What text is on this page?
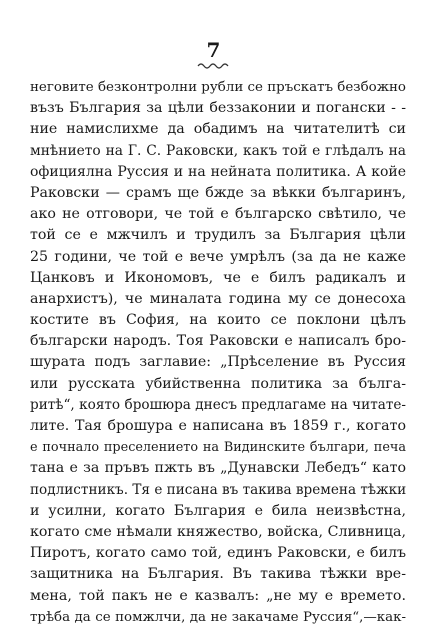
7
неговите безконтролни рубли се пръскатъ безбожно
възъ България за цѣли беззаконии и погански - -
ние намислихме да обадимъ на читателитѣ си
мнѣнието на Г. С. Раковски, какъ той е глѣдалъ на
официялна Руссия и на нейната политика. А койе
Раковски — срамъ ще бжде за вѣкки българинъ,
ако не отговори, че той е българско свѣтило, че
той се е мжчилъ и трудилъ за България цѣли
25 години, че той е вече умрѣлъ (за да не каже
Цанковъ и Икономовъ, че е билъ радикалъ и
анархистъ), че миналата година му се донесоха
костите въ София, на които се поклони цѣлъ
български народъ. Тоя Раковски е написалъ бро-
шурата подъ заглавие: „Прѣселение въ Руссия
или русската убийственна политика за бълга-
ритѣ“, която брошюра днесъ предлагаме на читате-
лите. Тая брошура е написана въ 1859 г., когато
е почнало преселението на Видинските българи, печа
тана е за пръвъ пжть въ „Дунавски Лебедъ“ като
подлистникъ. Тя е писана въ такива времена тѣжки
и усилни, когато България е била неизвѣстна,
когато сме нѣмали княжество, войска, Сливница,
Пиротъ, когато само той, единъ Раковски, е билъ
защитника на България. Въ такива тѣжки вре-
мена, той пакъ не е казвалъ: „не му е времето.
трѣба да се помжлчи, да не закачаме Руссия“,—как-
